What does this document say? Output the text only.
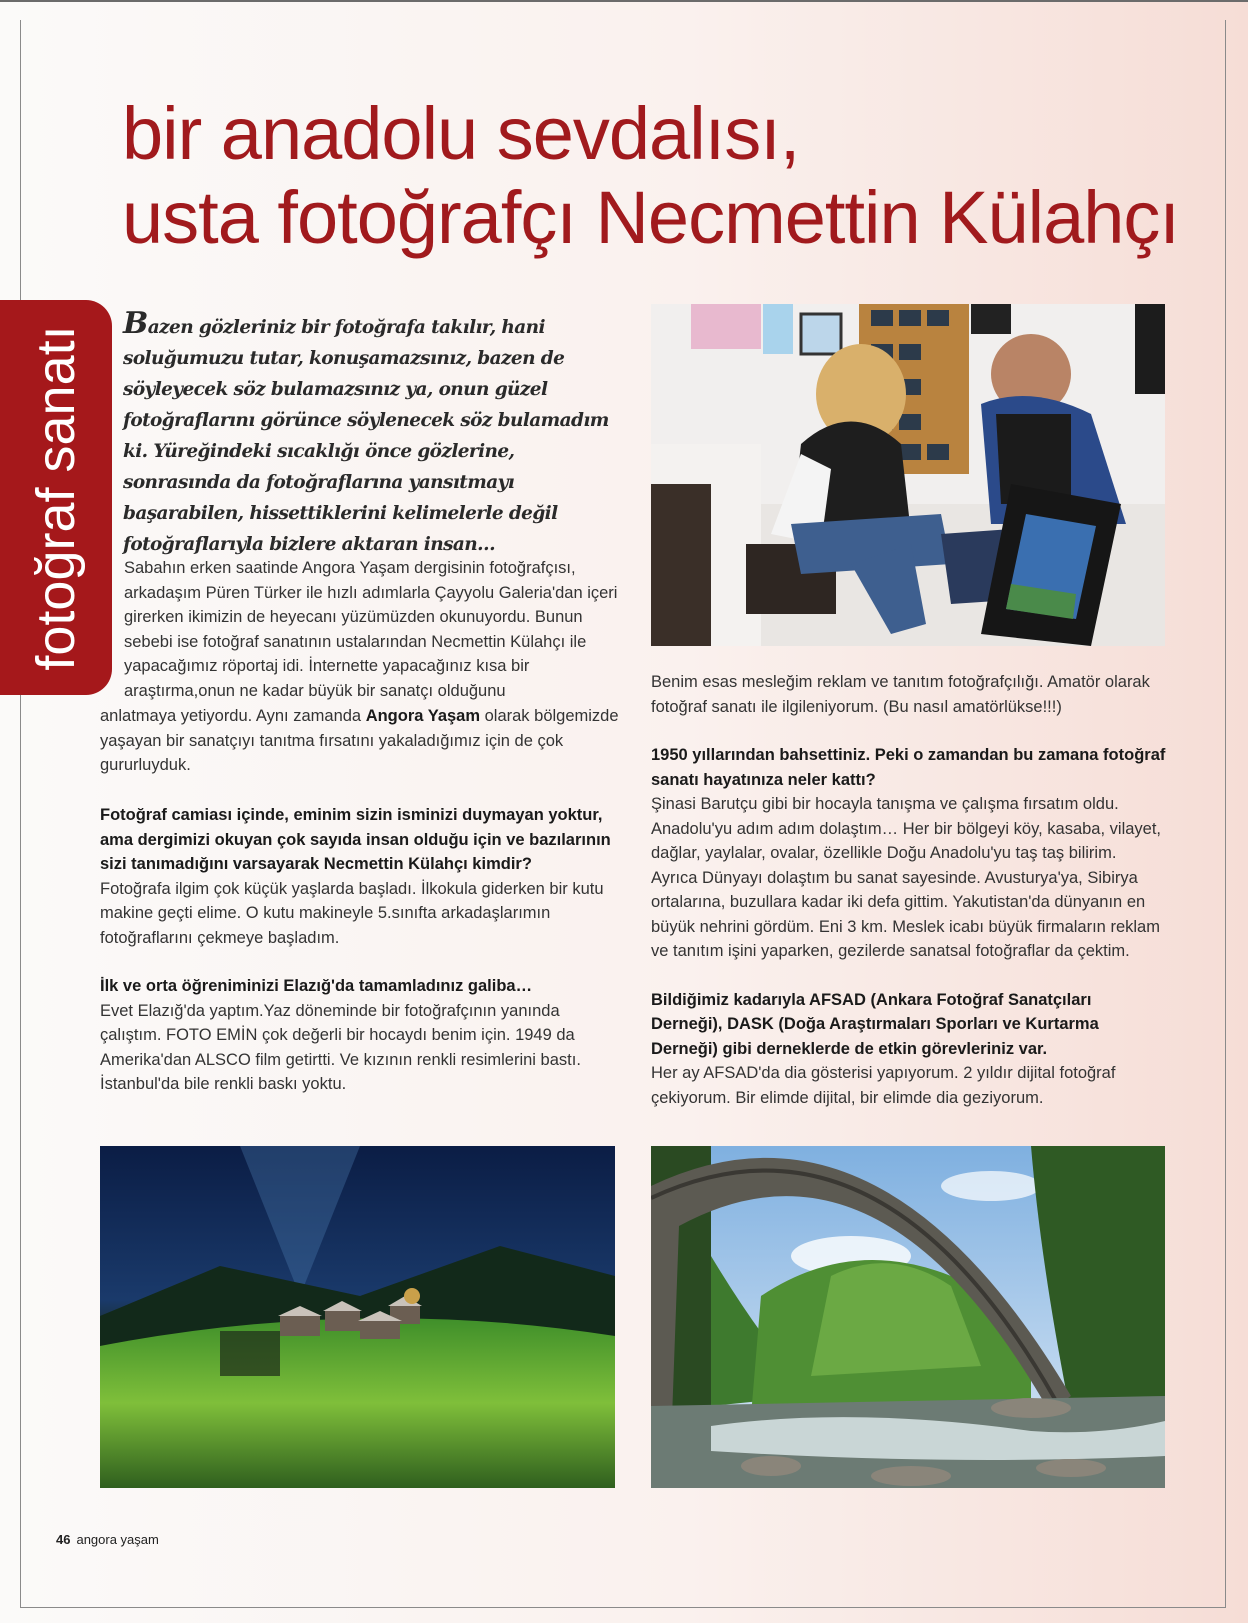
bir anadolu sevdalısı,
usta fotoğrafçı Necmettin Külahçı
fotoğraf sanatı

Bazen gözleriniz bir fotoğrafa takılır, hani soluğumuzu tutar, konuşamazsınız, bazen de söyleyecek söz bulamazsınız ya, onun güzel fotoğraflarını görünce söylenecek söz bulamadım ki. Yüreğindeki sıcaklığı önce gözlerine, sonrasında da fotoğraflarına yansıtmayı başarabilen, hissettiklerini kelimelerle değil fotoğraflarıyla bizlere aktaran insan…

Sabahın erken saatinde Angora Yaşam dergisinin fotoğrafçısı, arkadaşım Püren Türker ile hızlı adımlarla Çayyolu Galeria'dan içeri girerken ikimizin de heyecanı yüzümüzden okunuyordu. Bunun sebebi ise fotoğraf sanatının ustalarından Necmettin Külahçı ile yapacağımız röportaj idi. İnternette yapacağınız kısa bir araştırma,onun ne kadar büyük bir sanatçı olduğunu

anlatmaya yetiyordu. Aynı zamanda Angora Yaşam olarak bölgemizde yaşayan bir sanatçıyı tanıtma fırsatını yakaladığımız için de çok gururluyduk.

Fotoğraf camiası içinde, eminim sizin isminizi duymayan yoktur, ama dergimizi okuyan çok sayıda insan olduğu için ve bazılarının sizi tanımadığını varsayarak Necmettin Külahçı kimdir?

Fotoğrafa ilgim çok küçük yaşlarda başladı. İlkokula giderken bir kutu makine geçti elime. O kutu makineyle 5.sınıfta arkadaşlarımın fotoğraflarını çekmeye başladım.

İlk ve orta öğreniminizi Elazığ'da tamamladınız galiba…

Evet Elazığ'da yaptım.Yaz döneminde bir fotoğrafçının yanında çalıştım. FOTO EMİN çok değerli bir hocaydı benim için. 1949 da Amerika'dan ALSCO film getirtti. Ve kızının renkli resimlerini bastı. İstanbul'da bile renkli baskı yoktu.

Benim esas mesleğim reklam ve tanıtım fotoğrafçılığı. Amatör olarak fotoğraf sanatı ile ilgileniyorum. (Bu nasıl amatörlükse!!!)

1950 yıllarından bahsettiniz. Peki o zamandan bu zamana fotoğraf sanatı hayatınıza neler kattı?

Şinasi Barutçu gibi bir hocayla tanışma ve çalışma fırsatım oldu. Anadolu'yu adım adım dolaştım… Her bir bölgeyi köy, kasaba, vilayet, dağlar, yaylalar, ovalar, özellikle Doğu Anadolu'yu taş taş bilirim. Ayrıca Dünyayı dolaştım bu sanat sayesinde. Avusturya'ya, Sibirya ortalarına, buzullara kadar iki defa gittim. Yakutistan'da dünyanın en büyük nehrini gördüm. Eni 3 km. Meslek icabı büyük firmaların reklam ve tanıtım işini yaparken, gezilerde sanatsal fotoğraflar da çektim.

Bildiğimiz kadarıyla AFSAD (Ankara Fotoğraf Sanatçıları Derneği), DASK (Doğa Araştırmaları Sporları ve Kurtarma Derneği) gibi derneklerde de etkin görevleriniz var.

Her ay AFSAD'da dia gösterisi yapıyorum. 2 yıldır dijital fotoğraf çekiyorum. Bir elimde dijital, bir elimde dia geziyorum.

46 angora yaşam
